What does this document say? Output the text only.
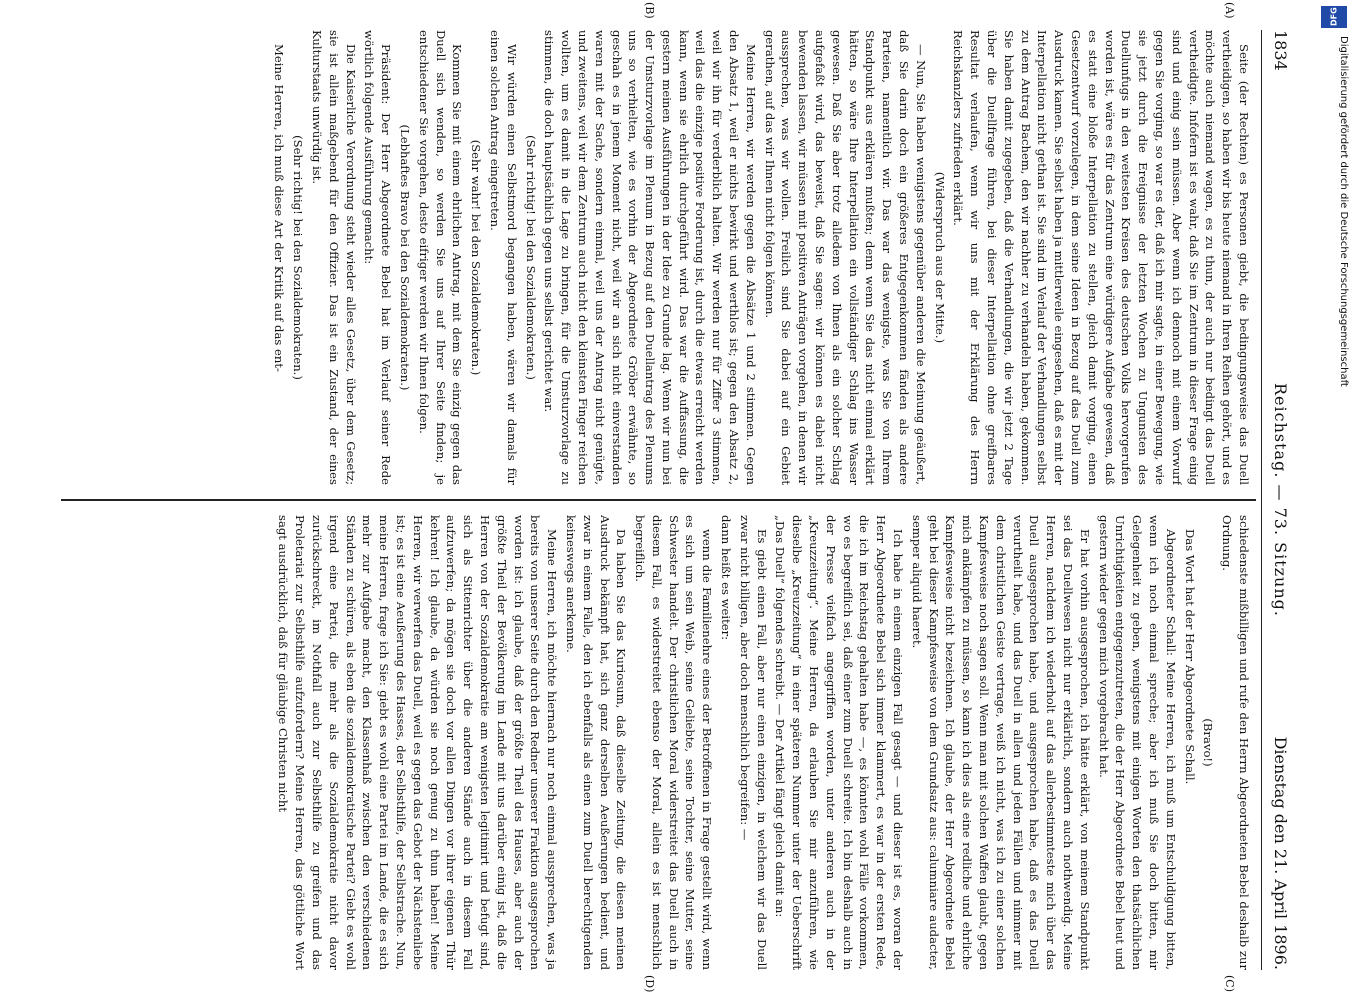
1834
Reichstag. — 73. Sitzung.
Dienstag den 21. April 1896.
(A)
(B)
(C)
(D)

Seite (der Rechten) es Personen giebt, die bedingungsweise das Duell vertheidigen, so haben wir bis heute niemand in Ihren Reihen gehört, und es möchte auch niemand wagen, es zu thun, der auch nur bedingt das Duell vertheidigte. Infofern ist es wahr, daß Sie im Zentrum in dieser Frage einig sind und einig sein müssen. Aber wenn ich dennoch mit einem Vorwurf gegen Sie vorging, so war es der, daß ich mir sagte, in einer Bewegung, wie sie jetzt durch die Ereignisse der letzten Wochen zu Ungunsten des Duellunfugs in den weitesten Kreisen des deutschen Volks hervorgerufen worden ist, wäre es für das Zentrum eine würdigere Aufgabe gewesen, daß es statt eine bloße Interpellation zu stellen, gleich damit vorging, einen Gesetzentwurf vorzulegen, in dem seine Ideen in Bezug auf das Duell zum Ausdruck kamen. Sie selbst haben ja mittlerweile eingesehen, daß es mit der Interpellation nicht gethan ist. Sie sind im Verlauf der Verhandlungen selbst zu dem Antrag Bachem, den wir nachher zu verhandeln haben, gekommen. Sie haben damit zugegeben, daß die Verhandlungen, die wir jetzt 2 Tage über die Duellfrage führen, bei dieser Interpellation ohne greifbares Resultat verlaufen, wenn wir uns mit der Erklärung des Herrn Reichskanzlers zufrieden erklärt.

(Widerspruch aus der Mitte.)

— Nun, Sie haben wenigstens gegenüber anderen die Meinung geäußert, daß Sie darin doch ein größeres Entgegenkommen fänden als andere Parteien, namentlich wir. Das war das wenigste, was Sie von Ihrem Standpunkt aus erklären mußten; denn wenn Sie das nicht einmal erklärt hätten, so wäre Ihre Interpellation ein vollständiger Schlag ins Wasser gewesen. Daß Sie aber trotz alledem von Ihnen als ein solcher Schlag aufgefaßt wird, das beweist, daß Sie sagen: wir können es dabei nicht bewenden lassen, wir müssen mit positiven Anträgen vorgehen, in denen wir aussprechen, was wir wollen. Freilich sind Sie dabei auf ein Gebiet gerathen, auf das wir Ihnen nicht folgen können.

Meine Herren, wir werden gegen die Absätze 1 und 2 stimmen. Gegen den Absatz 1, weil er nichts bewirkt und werthlos ist; gegen den Absatz 2, weil wir ihn für verderblich halten. Wir werden nur für Ziffer 3 stimmen, weil das die einzige positive Forderung ist, durch die etwas erreicht werden kann, wenn sie ehrlich durchgeführt wird. Das war die Auffassung, die gestern meinen Ausführungen in der Idee zu Grunde lag. Wenn wir nun bei der Umsturzvorlage im Plenum in Bezug auf den Duellantrag des Plenums uns so verhielten, wie es vorhin der Abgeordnete Gröber erwähnte, so geschah es in jenem Moment nicht, weil wir an sich nicht einverstanden waren mit der Sache, sondern einmal, weil uns der Antrag nicht genügte, und zweitens, weil wir dem Zentrum auch nicht den kleinsten Finger reichen wollten, um es damit in die Lage zu bringen, für die Umsturzvorlage zu stimmen, die doch hauptsächlich gegen uns selbst gerichtet war.

(Sehr richtig! bei den Sozialdemokraten.)

Wir würden einen Selbstmord begangen haben, wären wir damals für einen solchen Antrag eingetreten.

(Sehr wahr! bei den Sozialdemokraten.)

Kommen Sie mit einem ehrlichen Antrag, mit dem Sie einzig gegen das Duell sich wenden, so werden Sie uns auf Ihrer Seite finden; je entschiedener Sie vorgehen, desto eifriger werden wir Ihnen folgen.

(Lebhaftes Bravo bei den Sozialdemokraten.)

Präsident: Der Herr Abgeordnete Bebel hat im Verlauf seiner Rede wörtlich folgende Ausführung gemacht:

Die Kaiserliche Verordnung steht wieder alles Gesetz, über dem Gesetz; sie ist allein maßgebend für den Offizier. Das ist ein Zustand, der eines Kulturstaats unwürdig ist.

(Sehr richtig! bei den Sozialdemokraten.)

Meine Herren, ich muß diese Art der Kritik auf das ent-

schiedenste mißbilligen und rufe den Herrn Abgeordneten Bebel deshalb zur Ordnung.

(Bravo!)

Das Wort hat der Herr Abgeordnete Schall.

Abgeordneter Schall: Meine Herren, ich muß um Entschuldigung bitten, wenn ich noch einmal spreche; aber ich muß Sie doch bitten, mir Gelegenheit zu geben, wenigstens mit einigen Worten den thatsächlichen Unrichtigkeiten entgegenzutreten, die der Herr Abgeordnete Bebel heut und gestern wieder gegen mich vorgebracht hat.

Er hat vorhin ausgesprochen, ich hätte erklärt, von meinem Standpunkt sei das Duellwesen nicht nur erklärlich, sondern auch nothwendig. Meine Herren, nachdem ich wiederholt auf das allerbestimmteste mich über das Duell ausgesprochen habe, und ausgesprochen habe, daß es das Duell verurtheilt habe, und das Duell in allen und jeden Fällen und nimmer mit dem christlichen Geiste vertrage, weiß ich nicht, was ich zu einer solchen Kampfesweise noch sagen soll. Wenn man mit solchen Waffen glaubt, gegen mich ankämpfen zu müssen, so kann ich dies als eine redliche und ehrliche Kampfesweise nicht bezeichnen. Ich glaube, der Herr Abgeordnete Bebel geht bei dieser Kampfesweise von dem Grundsatz aus: calumniare audacter, semper aliquid haeret.

Ich habe in einem einzigen Fall gesagt — und dieser ist es, woran der Herr Abgeordnete Bebel sich immer klammert, es war in der ersten Rede, die ich im Reichstag gehalten habe —, es könnten wohl Fälle vorkommen, wo es begreiflich sei, daß einer zum Duell schreite. Ich bin deshalb auch in der Presse vielfach angegriffen worden, unter anderen auch in der „Kreuzzeitung“. Meine Herren, da erlauben Sie mir anzuführen, wie dieselbe „Kreuzzeitung“ in einer späteren Nummer unter der Ueberschrift „Das Duell“ folgendes schreibt. — Der Artikel fängt gleich damit an:

Es giebt einen Fall, aber nur einen einzigen, in welchem wir das Duell zwar nicht billigen, aber doch menschlich begreifen: —

dann heißt es weiter:

wenn die Familienehre eines der Betroffenen in Frage gestellt wird, wenn es sich um sein Weib, seine Geliebte, seine Tochter, seine Mutter, seine Schwester handelt. Der christlichen Moral widerstreitet das Duell auch in diesem Fall, es widerstreitet ebenso der Moral, allein es ist menschlich begreiflich.

Da haben Sie das Kuriosum, daß dieselbe Zeitung, die diesen meinen Ausdruck bekämpft hat, sich ganz derselben Aeußerungen bedient, und zwar in einem Falle, den ich ebenfalls als einen zum Duell berechtigenden keineswegs anerkenne.

Meine Herren, ich möchte hiernach nur noch einmal aussprechen, was ja bereits von unserer Seite durch den Redner unserer Fraktion ausgesprochen worden ist: ich glaube, daß der größte Theil des Hauses, aber auch der größte Theil der Bevölkerung im Lande mit uns darüber einig ist, daß die Herren von der Sozialdemokratie am wenigsten legitimirt und befugt sind, sich als Sittenrichter über die anderen Stände auch in diesem Fall aufzuwerfen; da mögen sie doch vor allen Dingen vor ihrer eigenen Thür kehren! Ich glaube, da würden sie noch genug zu thun haben! Meine Herren, wir verwerfen das Duell, weil es gegen das Gebot der Nächstenliebe ist; es ist eine Aeußerung des Hasses, der Selbsthilfe, der Selbstrache. Nun, meine Herren, frage ich Sie: giebt es wohl eine Partei im Lande, die es sich mehr zur Aufgabe macht, den Klassenhaß zwischen den verschiedenen Ständen zu schüren, als eben die sozialdemokratische Partei? Giebt es wohl irgend eine Partei, die mehr als die Sozialdemokratie nicht davor zurückschreckt, im Nothfall auch zur Selbsthilfe zu greifen und das Proletariat zur Selbsthilfe aufzufordern? Meine Herren, das göttliche Wort sagt ausdrücklich, daß für gläubige Christen nicht

DFG
Digitalisierung gefördert durch die Deutsche Forschungsgemeinschaft
